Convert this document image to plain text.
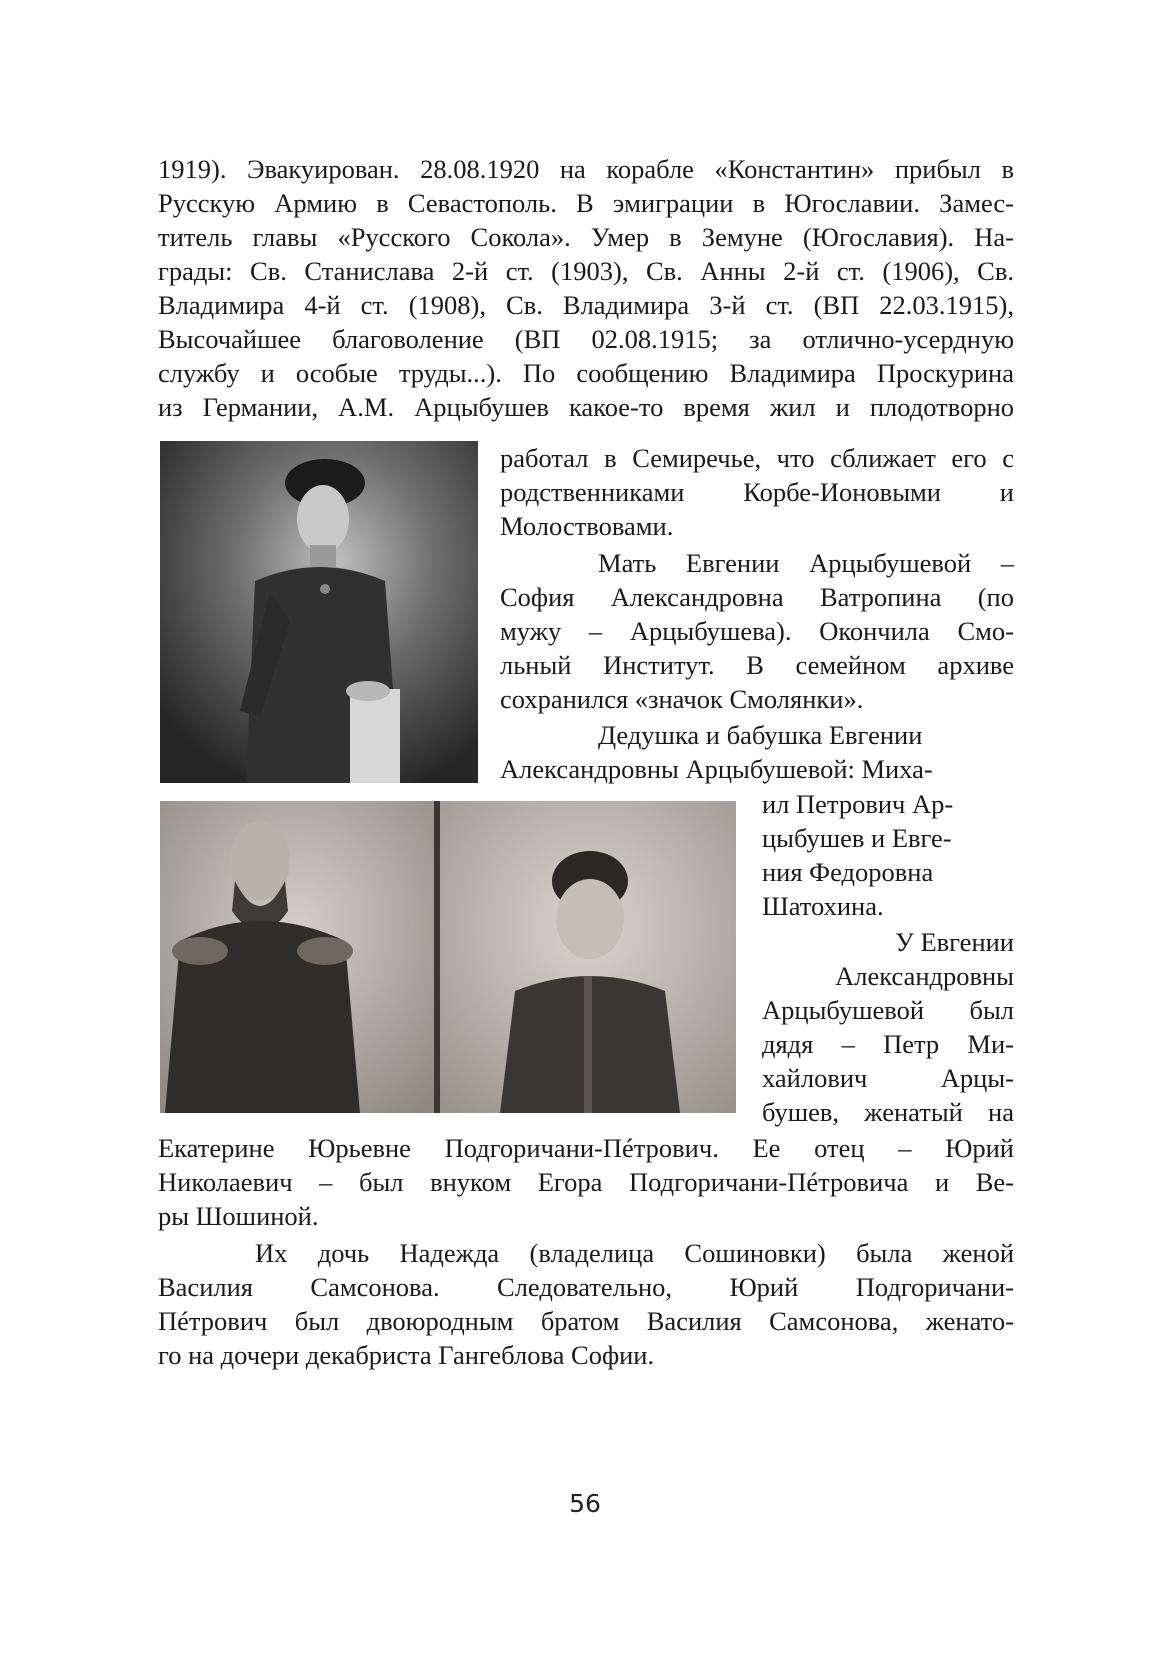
1919). Эвакуирован. 28.08.1920 на корабле «Константин» прибыл в
Русскую Армию в Севастополь. В эмиграции в Югославии. Замес-
титель главы «Русского Сокола». Умер в Земуне (Югославия). На-
грады: Св. Станислава 2-й ст. (1903), Св. Анны 2-й ст. (1906), Св.
Владимира 4-й ст. (1908), Св. Владимира 3-й ст. (ВП 22.03.1915),
Высочайшее благоволение (ВП 02.08.1915; за отлично-усердную
службу и особые труды...). По сообщению Владимира Проскурина
из Германии, А.М. Арцыбушев какое-то время жил и плодотворно
работал в Семиречье, что сближает его с
родственниками Корбе-Ионовыми и
Молоствовами.
Мать Евгении Арцыбушевой –
София Александровна Ватропина (по
мужу – Арцыбушева). Окончила Смо-
льный Институт. В семейном архиве
сохранился «значок Смолянки».
Дедушка и бабушка Евгении
Александровны Арцыбушевой: Миха-
ил Петрович Ар-
цыбушев и Евге-
ния Федоровна
Шатохина.
У Евгении
Александровны
Арцыбушевой был
дядя – Петр Ми-
хайлович Арцы-
бушев, женатый на
Екатерине Юрьевне Подгоричани-Пéтрович. Ее отец – Юрий
Николаевич – был внуком Егора Подгоричани-Пéтровича и Ве-
ры Шошиной.
Их дочь Надежда (владелица Сошиновки) была женой
Василия Самсонова. Следовательно, Юрий Подгоричани-
Пéтрович был двоюродным братом Василия Самсонова, женато-
го на дочери декабриста Гангеблова Софии.
56
